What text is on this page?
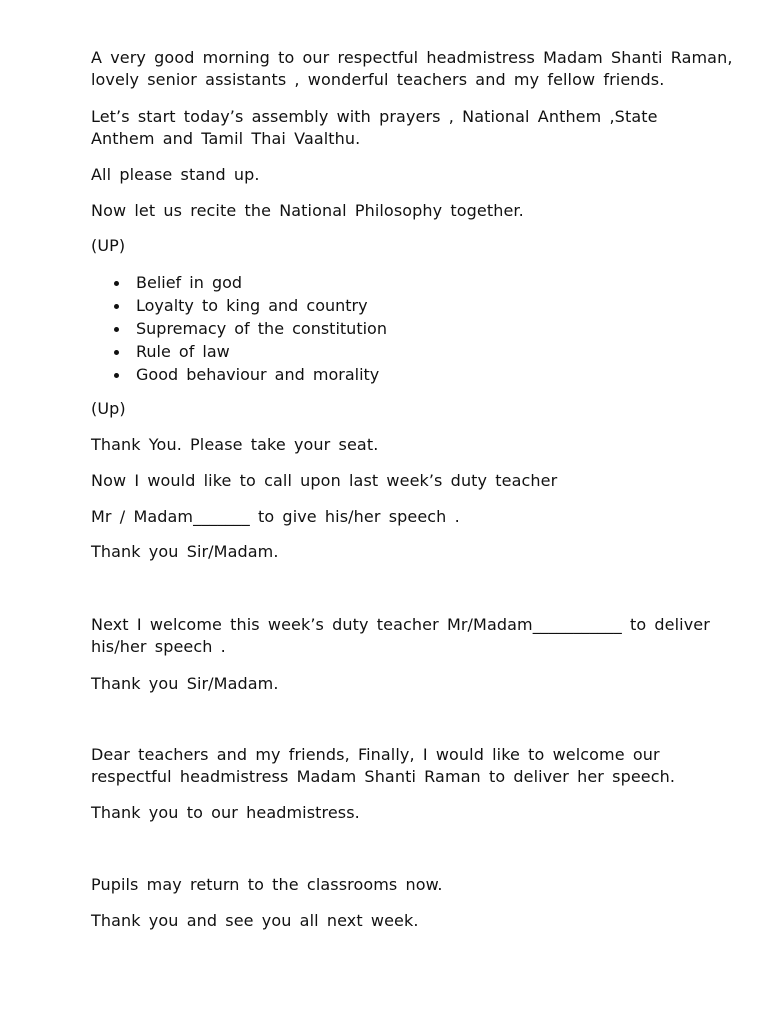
A very good morning to our respectful headmistress Madam Shanti Raman, lovely senior assistants , wonderful teachers and my fellow friends.

Let’s start today’s assembly with prayers , National Anthem ,State Anthem and Tamil Thai Vaalthu.

All please stand up.

Now let us recite the National Philosophy together.

(UP)

Belief in god
Loyalty to king and country
Supremacy of the constitution
Rule of law
Good behaviour and morality

(Up)

Thank You. Please take your seat.

Now I would like to call upon last week’s duty teacher

Mr / Madam_______ to give his/her speech .

Thank you Sir/Madam.

Next I welcome this week’s duty teacher Mr/Madam___________ to deliver his/her speech .

Thank you Sir/Madam.

Dear teachers and my friends, Finally, I would like to welcome our respectful headmistress Madam Shanti Raman to deliver her speech.

Thank you to our headmistress.

Pupils may return to the classrooms now.

Thank you and see you all next week.
